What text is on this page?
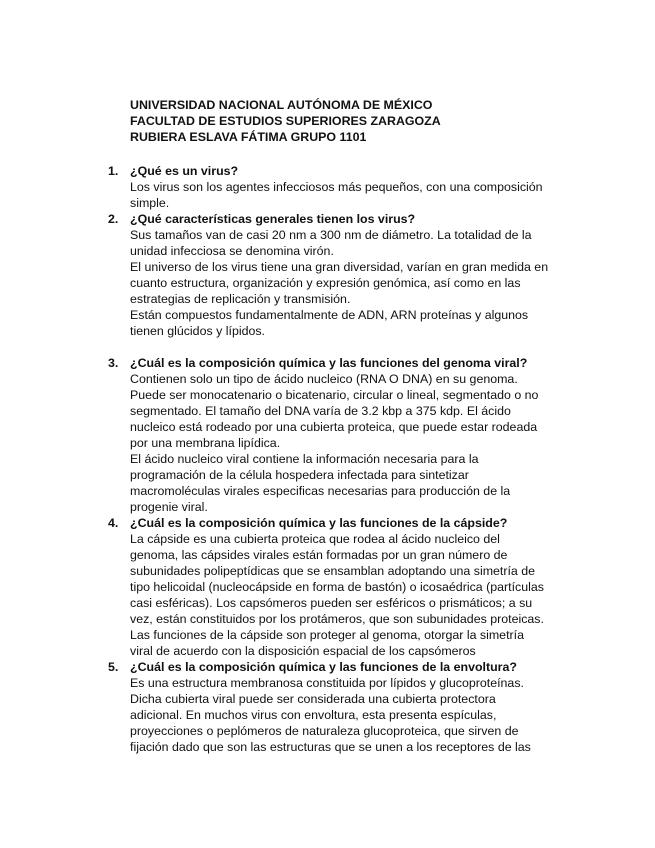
UNIVERSIDAD NACIONAL AUTÓNOMA DE MÉXICO
FACULTAD DE ESTUDIOS SUPERIORES ZARAGOZA
RUBIERA ESLAVA FÁTIMA GRUPO 1101
1. ¿Qué es un virus?
Los virus son los agentes infecciosos más pequeños, con una composición
simple.
2. ¿Qué características generales tienen los virus?
Sus tamaños van de casi 20 nm a 300 nm de diámetro. La totalidad de la
unidad infecciosa se denomina virón.
El universo de los virus tiene una gran diversidad, varían en gran medida en
cuanto estructura, organización y expresión genómica, así como en las
estrategias de replicación y transmisión.
Están compuestos fundamentalmente de ADN, ARN proteínas y algunos
tienen glúcidos y lípidos.
3. ¿Cuál es la composición química y las funciones del genoma viral?
Contienen solo un tipo de ácido nucleico (RNA O DNA) en su genoma.
Puede ser monocatenario o bicatenario, circular o lineal, segmentado o no
segmentado. El tamaño del DNA varía de 3.2 kbp a 375 kdp. El ácido
nucleico está rodeado por una cubierta proteica, que puede estar rodeada
por una membrana lipídica.
El ácido nucleico viral contiene la información necesaria para la
programación de la célula hospedera infectada para sintetizar
macromoléculas virales especificas necesarias para producción de la
progenie viral.
4. ¿Cuál es la composición química y las funciones de la cápside?
La cápside es una cubierta proteica que rodea al ácido nucleico del
genoma, las cápsides virales están formadas por un gran número de
subunidades polipeptídicas que se ensamblan adoptando una simetría de
tipo helicoidal (nucleocápside en forma de bastón) o icosaédrica (partículas
casi esféricas). Los capsómeros pueden ser esféricos o prismáticos; a su
vez, están constituidos por los protámeros, que son subunidades proteicas.
Las funciones de la cápside son proteger al genoma, otorgar la simetría
viral de acuerdo con la disposición espacial de los capsómeros
5. ¿Cuál es la composición química y las funciones de la envoltura?
Es una estructura membranosa constituida por lípidos y glucoproteínas.
Dicha cubierta viral puede ser considerada una cubierta protectora
adicional. En muchos virus con envoltura, esta presenta espículas,
proyecciones o peplómeros de naturaleza glucoproteica, que sirven de
fijación dado que son las estructuras que se unen a los receptores de las
